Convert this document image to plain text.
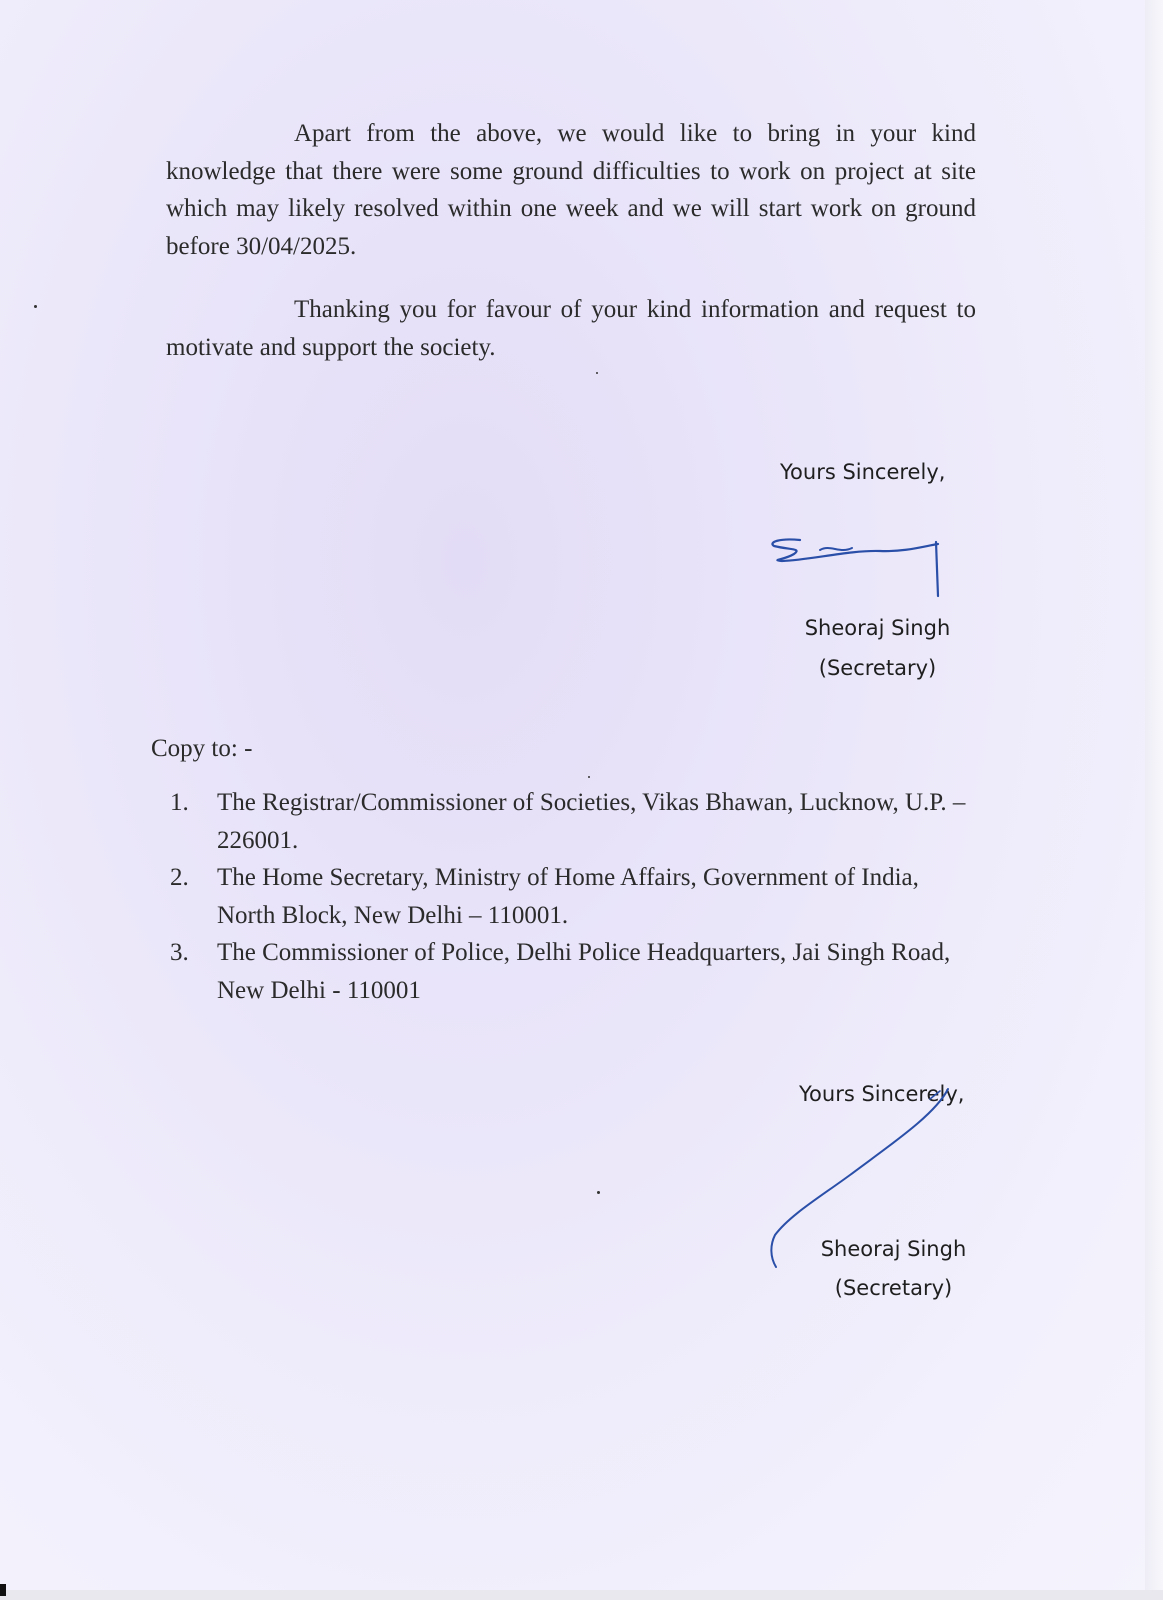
Apart from the above, we would like to bring in your kind knowledge that there were some ground difficulties to work on project at site which may likely resolved within one week and we will start work on ground before 30/04/2025.

Thanking you for favour of your kind information and request to motivate and support the society.

Yours Sincerely,
Sheoraj Singh
(Secretary)
Copy to: -
1. The Registrar/Commissioner of Societies, Vikas Bhawan, Lucknow, U.P. – 226001.
2. The Home Secretary, Ministry of Home Affairs, Government of India, North Block, New Delhi – 110001.
3. The Commissioner of Police, Delhi Police Headquarters, Jai Singh Road, New Delhi - 110001
Yours Sincerely,
Sheoraj Singh
(Secretary)
